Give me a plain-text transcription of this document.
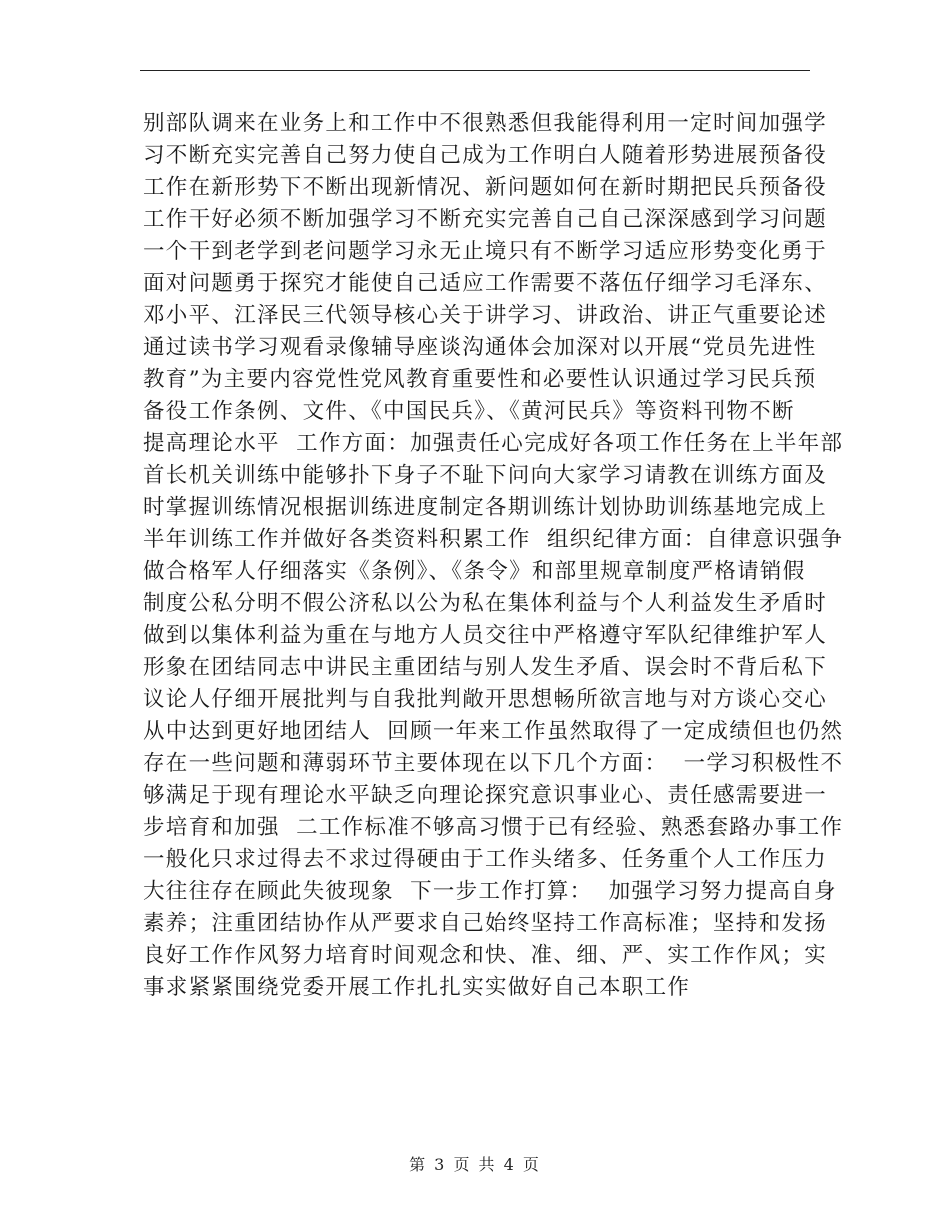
别部队调来在业务上和工作中不很熟悉但我能得利用一定时间加强学
习不断充实完善自己努力使自己成为工作明白人随着形势进展预备役
工作在新形势下不断出现新情况、新问题如何在新时期把民兵预备役
工作干好必须不断加强学习不断充实完善自己自己深深感到学习问题
一个干到老学到老问题学习永无止境只有不断学习适应形势变化勇于
面对问题勇于探究才能使自己适应工作需要不落伍仔细学习毛泽东、
邓小平、江泽民三代领导核心关于讲学习、讲政治、讲正气重要论述
通过读书学习观看录像辅导座谈沟通体会加深对以开展“党员先进性
教育”为主要内容党性党风教育重要性和必要性认识通过学习民兵预
备役工作条例、文件、《中国民兵》、《黄河民兵》等资料刊物不断
提高理论水平  工作方面：加强责任心完成好各项工作任务在上半年部
首长机关训练中能够扑下身子不耻下问向大家学习请教在训练方面及
时掌握训练情况根据训练进度制定各期训练计划协助训练基地完成上
半年训练工作并做好各类资料积累工作  组织纪律方面：自律意识强争
做合格军人仔细落实《条例》、《条令》和部里规章制度严格请销假
制度公私分明不假公济私以公为私在集体利益与个人利益发生矛盾时
做到以集体利益为重在与地方人员交往中严格遵守军队纪律维护军人
形象在团结同志中讲民主重团结与别人发生矛盾、误会时不背后私下
议论人仔细开展批判与自我批判敞开思想畅所欲言地与对方谈心交心
从中达到更好地团结人  回顾一年来工作虽然取得了一定成绩但也仍然
存在一些问题和薄弱环节主要体现在以下几个方面：  一学习积极性不
够满足于现有理论水平缺乏向理论探究意识事业心、责任感需要进一
步培育和加强  二工作标准不够高习惯于已有经验、熟悉套路办事工作
一般化只求过得去不求过得硬由于工作头绪多、任务重个人工作压力
大往往存在顾此失彼现象  下一步工作打算：  加强学习努力提高自身
素养；注重团结协作从严要求自己始终坚持工作高标准；坚持和发扬
良好工作作风努力培育时间观念和快、准、细、严、实工作作风；实
事求紧紧围绕党委开展工作扎扎实实做好自己本职工作
第 3 页 共 4 页
